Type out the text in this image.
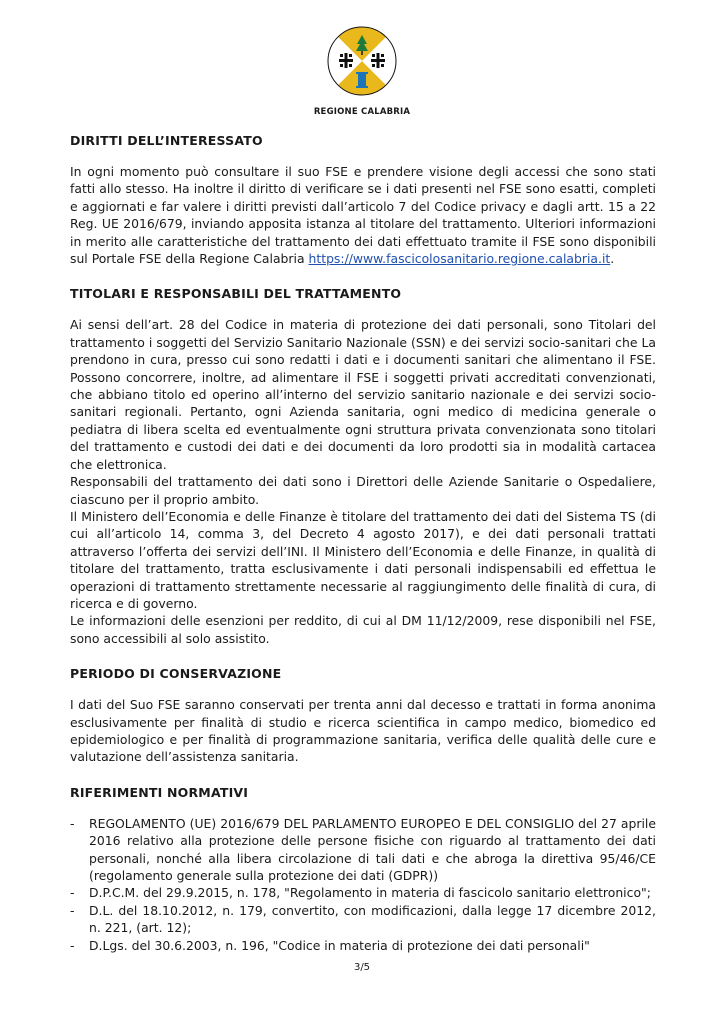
REGIONE CALABRIA
DIRITTI DELL’INTERESSATO

In ogni momento può consultare il suo FSE e prendere visione degli accessi che sono stati fatti allo stesso. Ha inoltre il diritto di verificare se i dati presenti nel FSE sono esatti, completi e aggiornati e far valere i diritti previsti dall’articolo 7 del Codice privacy e dagli artt. 15 a 22 Reg. UE 2016/679, inviando apposita istanza al titolare del trattamento. Ulteriori informazioni in merito alle caratteristiche del trattamento dei dati effettuato tramite il FSE sono disponibili sul Portale FSE della Regione Calabria https://www.fascicolosanitario.regione.calabria.it.

TITOLARI E RESPONSABILI DEL TRATTAMENTO

Ai sensi dell’art. 28 del Codice in materia di protezione dei dati personali, sono Titolari del trattamento i soggetti del Servizio Sanitario Nazionale (SSN) e dei servizi socio-sanitari che La prendono in cura, presso cui sono redatti i dati e i documenti sanitari che alimentano il FSE. Possono concorrere, inoltre, ad alimentare il FSE i soggetti privati accreditati convenzionati, che abbiano titolo ed operino all’interno del servizio sanitario nazionale e dei servizi socio-sanitari regionali. Pertanto, ogni Azienda sanitaria, ogni medico di medicina generale o pediatra di libera scelta ed eventualmente ogni struttura privata convenzionata sono titolari del trattamento e custodi dei dati e dei documenti da loro prodotti sia in modalità cartacea che elettronica.

Responsabili del trattamento dei dati sono i Direttori delle Aziende Sanitarie o Ospedaliere, ciascuno per il proprio ambito.

Il Ministero dell’Economia e delle Finanze è titolare del trattamento dei dati del Sistema TS (di cui all’articolo 14, comma 3, del Decreto 4 agosto 2017), e dei dati personali trattati attraverso l’offerta dei servizi dell’INI. Il Ministero dell’Economia e delle Finanze, in qualità di titolare del trattamento, tratta esclusivamente i dati personali indispensabili ed effettua le operazioni di trattamento strettamente necessarie al raggiungimento delle finalità di cura, di ricerca e di governo.

Le informazioni delle esenzioni per reddito, di cui al DM 11/12/2009, rese disponibili nel FSE, sono accessibili al solo assistito.

PERIODO DI CONSERVAZIONE

I dati del Suo FSE saranno conservati per trenta anni dal decesso e trattati in forma anonima esclusivamente per finalità di studio e ricerca scientifica in campo medico, biomedico ed epidemiologico e per finalità di programmazione sanitaria, verifica delle qualità delle cure e valutazione dell’assistenza sanitaria.

RIFERIMENTI NORMATIVI
- REGOLAMENTO (UE) 2016/679 DEL PARLAMENTO EUROPEO E DEL CONSIGLIO del 27 aprile 2016 relativo alla protezione delle persone fisiche con riguardo al trattamento dei dati personali, nonché alla libera circolazione di tali dati e che abroga la direttiva 95/46/CE (regolamento generale sulla protezione dei dati (GDPR))
- D.P.C.M. del 29.9.2015, n. 178, "Regolamento in materia di fascicolo sanitario elettronico";
- D.L. del 18.10.2012, n. 179, convertito, con modificazioni, dalla legge 17 dicembre 2012, n. 221, (art. 12);
- D.Lgs. del 30.6.2003, n. 196, "Codice in materia di protezione dei dati personali"
3/5
